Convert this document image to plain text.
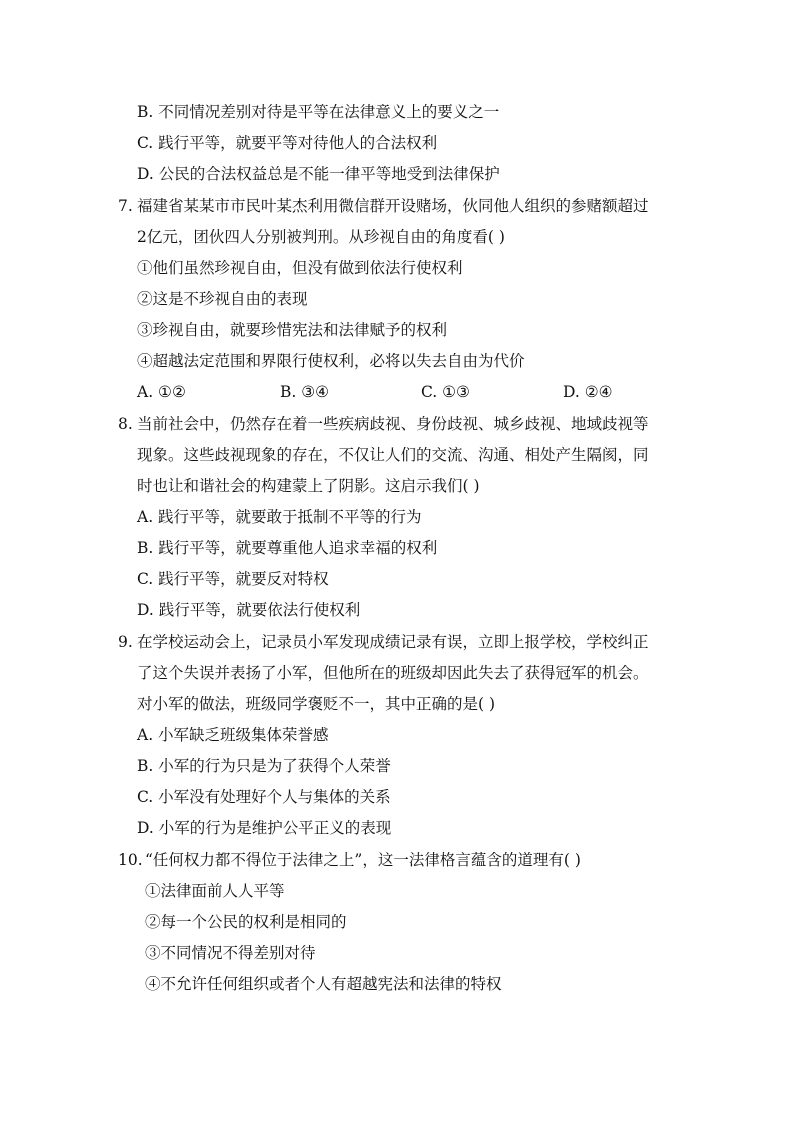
B. 不同情况差别对待是平等在法律意义上的要义之一
C. 践行平等，就要平等对待他人的合法权利
D. 公民的合法权益总是不能一律平等地受到法律保护
7. 福建省某某市市民叶某杰利用微信群开设赌场，伙同他人组织的参赌额超过
2亿元，团伙四人分别被判刑。从珍视自由的角度看( )
①他们虽然珍视自由，但没有做到依法行使权利
②这是不珍视自由的表现
③珍视自由，就要珍惜宪法和法律赋予的权利
④超越法定范围和界限行使权利，必将以失去自由为代价
A. ①②	B. ③④	C. ①③	D. ②④
8. 当前社会中，仍然存在着一些疾病歧视、身份歧视、城乡歧视、地域歧视等
现象。这些歧视现象的存在，不仅让人们的交流、沟通、相处产生隔阂，同
时也让和谐社会的构建蒙上了阴影。这启示我们( )
A. 践行平等，就要敢于抵制不平等的行为
B. 践行平等，就要尊重他人追求幸福的权利
C. 践行平等，就要反对特权
D. 践行平等，就要依法行使权利
9. 在学校运动会上，记录员小军发现成绩记录有误，立即上报学校，学校纠正
了这个失误并表扬了小军，但他所在的班级却因此失去了获得冠军的机会。
对小军的做法，班级同学褒贬不一，其中正确的是( )
A. 小军缺乏班级集体荣誉感
B. 小军的行为只是为了获得个人荣誉
C. 小军没有处理好个人与集体的关系
D. 小军的行为是维护公平正义的表现
10. “任何权力都不得位于法律之上”，这一法律格言蕴含的道理有( )
①法律面前人人平等
②每一个公民的权利是相同的
③不同情况不得差别对待
④不允许任何组织或者个人有超越宪法和法律的特权
